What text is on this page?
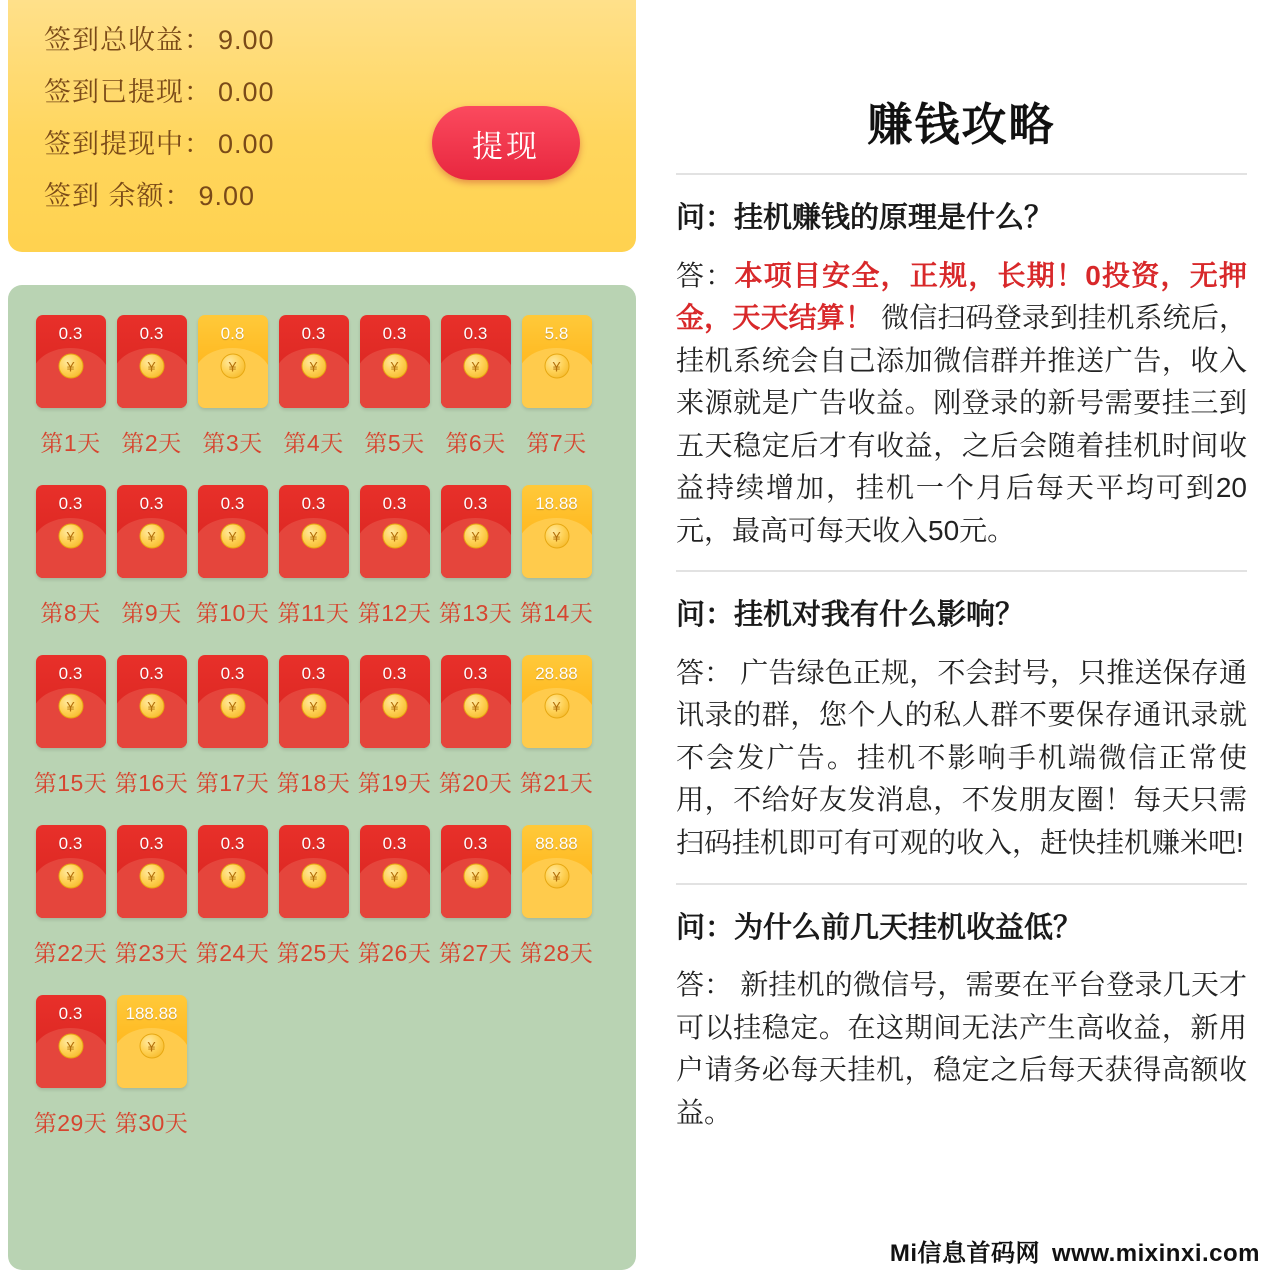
签到总收益： 9.00
签到已提现： 0.00
签到提现中： 0.00
签到 余额： 9.00
提现
0.3
¥
第1天
0.3
¥
第2天
0.8
¥
第3天
0.3
¥
第4天
0.3
¥
第5天
0.3
¥
第6天
5.8
¥
第7天
0.3
¥
第8天
0.3
¥
第9天
0.3
¥
第10天
0.3
¥
第11天
0.3
¥
第12天
0.3
¥
第13天
18.88
¥
第14天
0.3
¥
第15天
0.3
¥
第16天
0.3
¥
第17天
0.3
¥
第18天
0.3
¥
第19天
0.3
¥
第20天
28.88
¥
第21天
0.3
¥
第22天
0.3
¥
第23天
0.3
¥
第24天
0.3
¥
第25天
0.3
¥
第26天
0.3
¥
第27天
88.88
¥
第28天
0.3
¥
第29天
188.88
¥
第30天
赚钱攻略
问：挂机赚钱的原理是什么？
答：本项目安全，正规，长期！0投资，无押金，天天结算！ 微信扫码登录到挂机系统后，挂机系统会自己添加微信群并推送广告，收入来源就是广告收益。刚登录的新号需要挂三到五天稳定后才有收益，之后会随着挂机时间收益持续增加，挂机一个月后每天平均可到20元，最高可每天收入50元。
问：挂机对我有什么影响？
答： 广告绿色正规，不会封号，只推送保存通讯录的群，您个人的私人群不要保存通讯录就不会发广告。挂机不影响手机端微信正常使用，不给好友发消息，不发朋友圈！每天只需扫码挂机即可有可观的收入，赶快挂机赚米吧!
问：为什么前几天挂机收益低？
答： 新挂机的微信号，需要在平台登录几天才可以挂稳定。在这期间无法产生高收益，新用户请务必每天挂机，稳定之后每天获得高额收益。
Mi信息首码网 www.mixinxi.com
